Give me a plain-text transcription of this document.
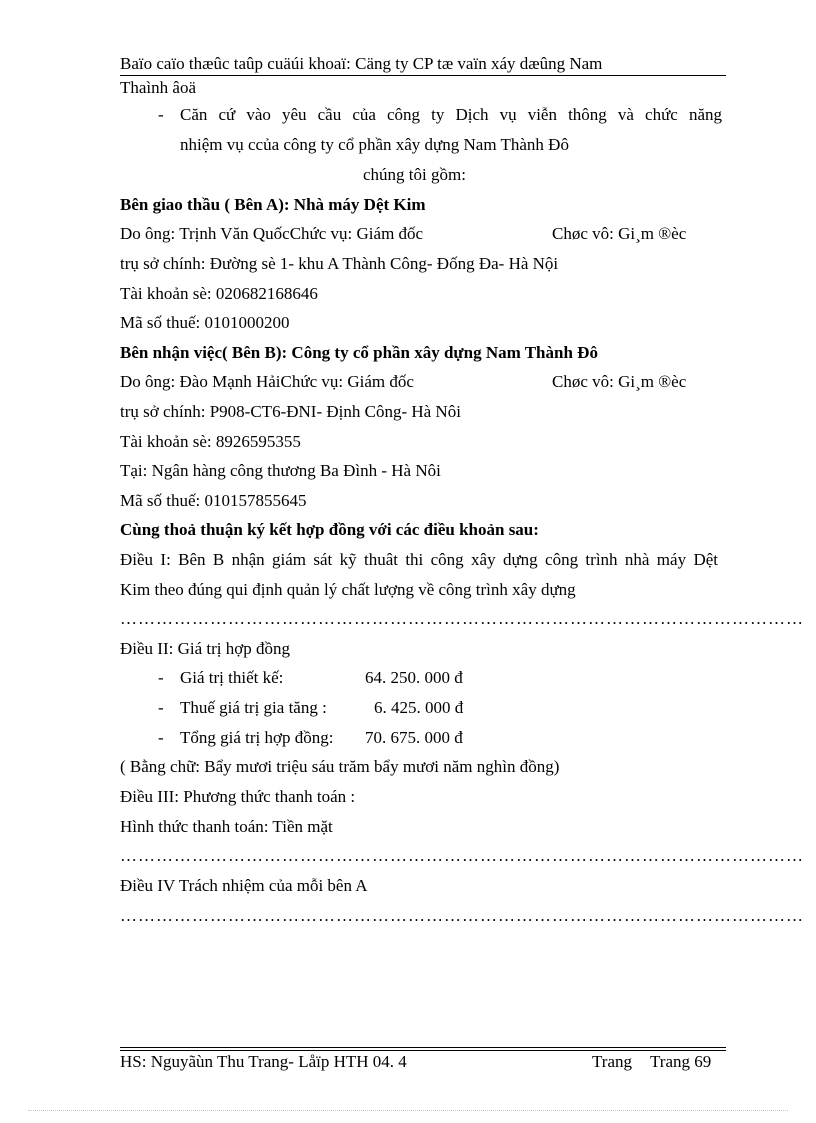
Baïo caïo thæûc taûp cuäúi khoaï: Cäng ty CP tæ vaïn xáy dæûng Nam
Thaình âoä
- Căn cứ vào yêu cầu của công ty Dịch vụ viễn thông và chức năng
nhiệm vụ ccủa công ty cổ phần xây dựng Nam Thành Đô
chúng tôi gồm:
Bên giao thầu ( Bên A): Nhà máy Dệt Kim
Do ông: Trịnh Văn QuốcChức vụ: Giám đốc	Chøc vô: Gi¸m ®èc
trụ sở chính: Đường sè 1- khu A Thành Công- Đống Đa- Hà Nội
Tài khoản sè: 020682168646
Mã số thuế: 0101000200
Bên nhận việc( Bên B): Công ty cổ phần xây dựng Nam Thành Đô
Do ông: Đào Mạnh HảiChức vụ: Giám đốc	Chøc vô: Gi¸m ®èc
trụ sở chính: P908-CT6-ĐNI- Định Công- Hà Nôi
Tài khoản sè: 8926595355
Tại: Ngân hàng công thương Ba Đình - Hà Nôi
Mã số thuế: 010157855645
Cùng thoả thuận ký kết hợp đồng với các điều khoản sau:
Điều I: Bên B nhận giám sát kỹ thuât thi công xây dựng công trình nhà máy Dệt
Kim theo đúng qui định quản lý chất lượng về công trình xây dựng
……………………………………………………………………………………………………
Điều II: Giá trị hợp đồng
- Giá trị thiết kế:	64. 250. 000 đ
- Thuế giá trị gia tăng :	6. 425. 000 đ
- Tổng giá trị hợp đồng: 70. 675. 000 đ
( Bằng chữ: Bẩy mươi triệu sáu trăm bẩy mươi năm nghìn đồng)
Điều III: Phương thức thanh toán :
Hình thức thanh toán: Tiền mặt
……………………………………………………………………………………………………
Điều IV Trách nhiệm của mỗi bên A
……………………………………………………………………………………………………
HS: Nguyãùn Thu Trang- Låïp HTH 04. 4	Trang Trang 69
